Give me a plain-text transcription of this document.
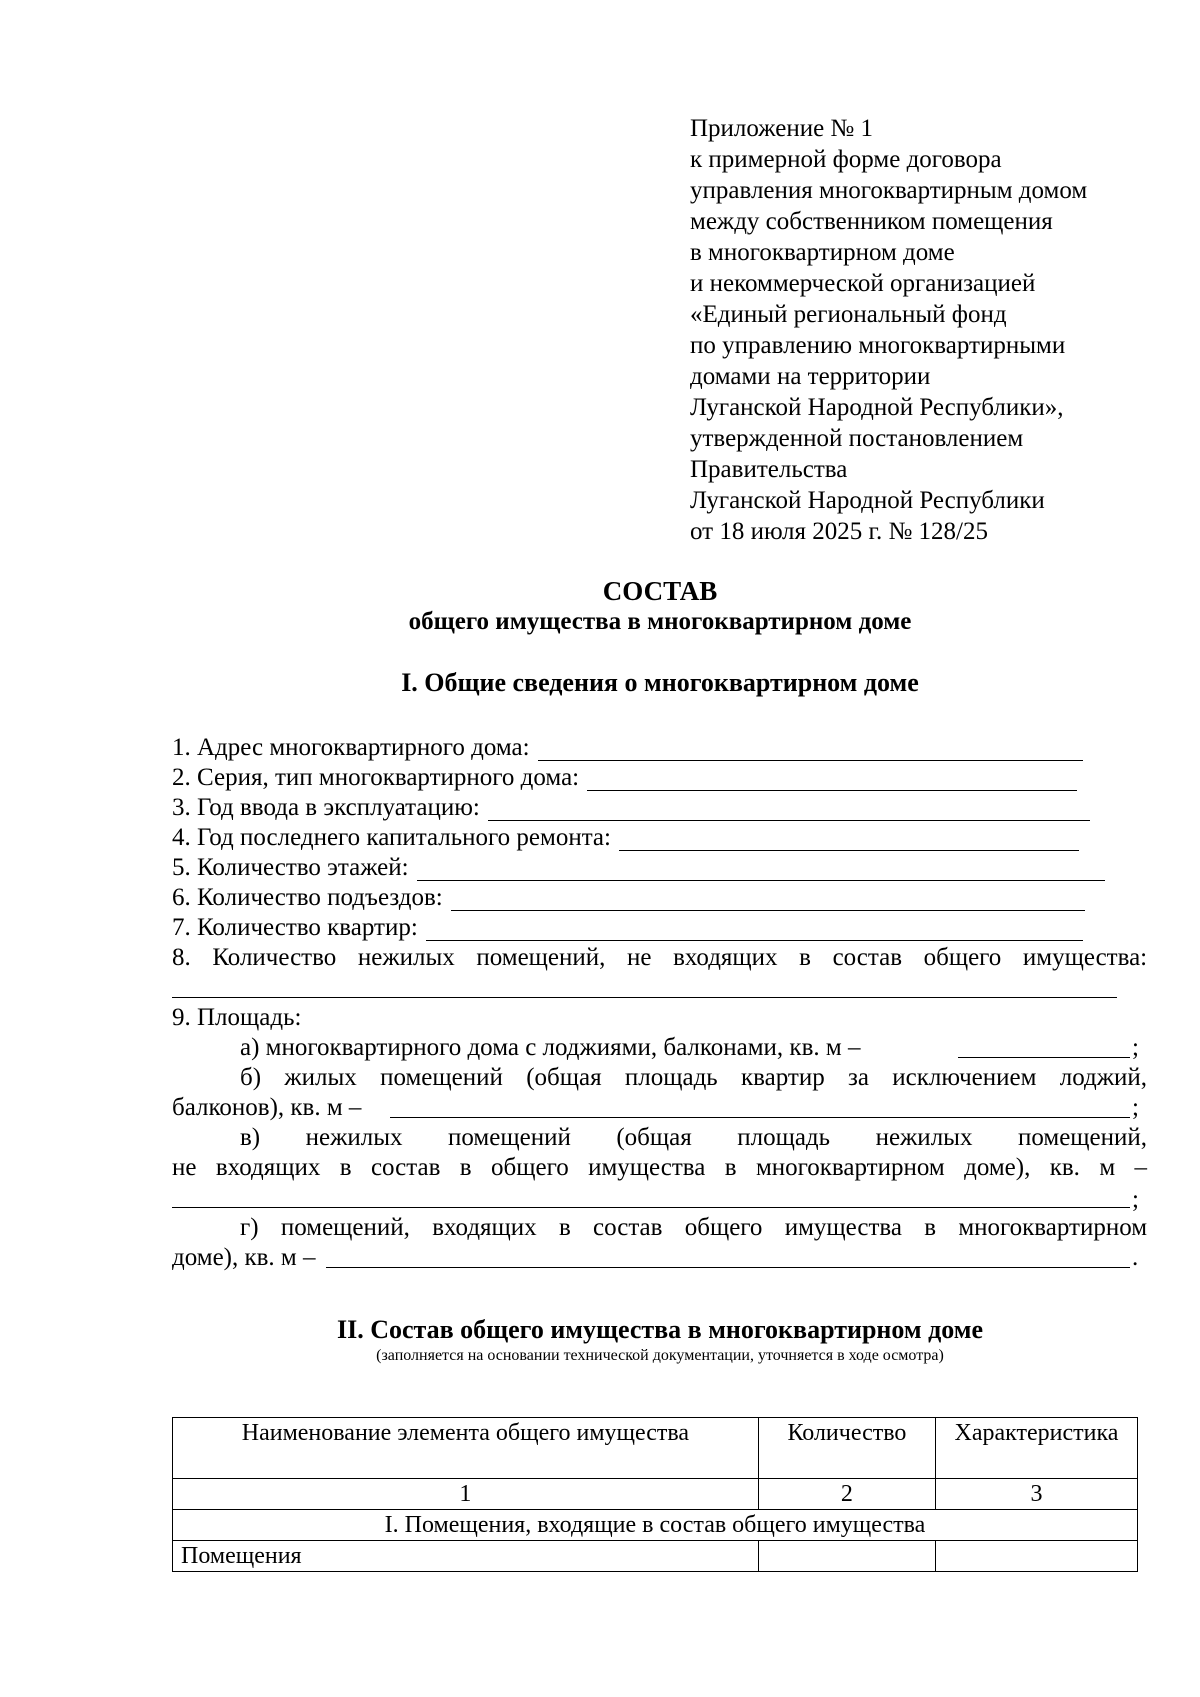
Приложение № 1
к примерной форме договора
управления многоквартирным домом
между собственником помещения
в многоквартирном доме
и некоммерческой организацией
«Единый региональный фонд
по управлению многоквартирными
домами на территории
Луганской Народной Республики»,
утвержденной постановлением
Правительства
Луганской Народной Республики
от 18 июля 2025 г. № 128/25
СОСТАВ
общего имущества в многоквартирном доме
I. Общие сведения о многоквартирном доме
1. Адрес многоквартирного дома:
2. Серия, тип многоквартирного дома:
3. Год ввода в эксплуатацию:
4. Год последнего капитального ремонта:
5. Количество этажей:
6. Количество подъездов:
7. Количество квартир:
8. Количество нежилых помещений, не входящих в состав общего имущества:
9. Площадь:
а) многоквартирного дома с лоджиями, балконами, кв. м –	;
б) жилых помещений (общая площадь квартир за исключением лоджий,
балконов), кв. м –	;
в) нежилых помещений (общая площадь нежилых помещений,
не входящих в состав в общего имущества в многоквартирном доме), кв. м –
;
г) помещений, входящих в состав общего имущества в многоквартирном
доме), кв. м –	.
II. Состав общего имущества в многоквартирном доме
(заполняется на основании технической документации, уточняется в ходе осмотра)
Наименование элемента общего имущества	Количество	Характеристика
1	2	3
I. Помещения, входящие в состав общего имущества		
Помещения		
